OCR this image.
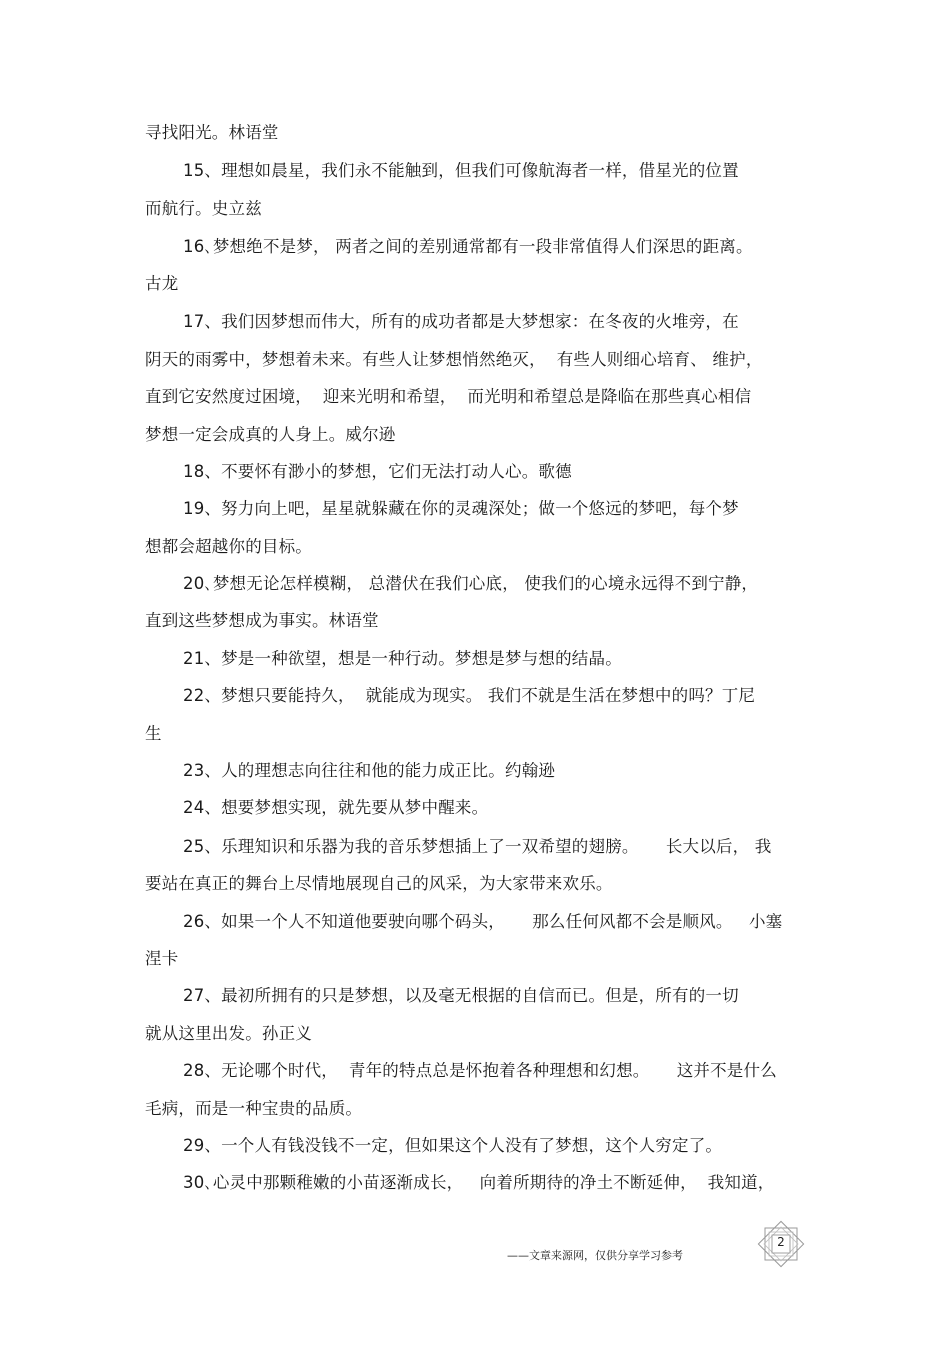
寻找阳光。林语堂
15、理想如晨星，我们永不能触到，但我们可像航海者一样，借星光的位置
而航行。史立兹
16､梦想绝不是梦， 两者之间的差别通常都有一段非常值得人们深思的距离。
古龙
17、我们因梦想而伟大，所有的成功者都是大梦想家：在冬夜的火堆旁，在
阴天的雨雾中，梦想着未来。有些人让梦想悄然绝灭，  有些人则细心培育、 维护，
直到它安然度过困境，  迎来光明和希望，  而光明和希望总是降临在那些真心相信
梦想一定会成真的人身上。威尔逊
18、不要怀有渺小的梦想，它们无法打动人心。歌德
19、努力向上吧，星星就躲藏在你的灵魂深处；做一个悠远的梦吧，每个梦
想都会超越你的目标。
20､梦想无论怎样模糊， 总潜伏在我们心底， 使我们的心境永远得不到宁静，
直到这些梦想成为事实。林语堂
21、梦是一种欲望，想是一种行动。梦想是梦与想的结晶。
22、梦想只要能持久，  就能成为现实。 我们不就是生活在梦想中的吗？丁尼
生
23、人的理想志向往往和他的能力成正比。约翰逊
24、想要梦想实现，就先要从梦中醒来。
25、乐理知识和乐器为我的音乐梦想插上了一双希望的翅膀。     长大以后， 我
要站在真正的舞台上尽情地展现自己的风采，为大家带来欢乐。
26、如果一个人不知道他要驶向哪个码头，     那么任何风都不会是顺风。   小塞
涅卡
27、最初所拥有的只是梦想，以及毫无根据的自信而已。但是，所有的一切
就从这里出发。孙正义
28、无论哪个时代，  青年的特点总是怀抱着各种理想和幻想。     这并不是什么
毛病，而是一种宝贵的品质。
29、一个人有钱没钱不一定，但如果这个人没有了梦想，这个人穷定了。
30､心灵中那颗稚嫩的小苗逐渐成长，   向着所期待的净土不断延伸，  我知道，
——文章来源网，仅供分享学习参考
2
